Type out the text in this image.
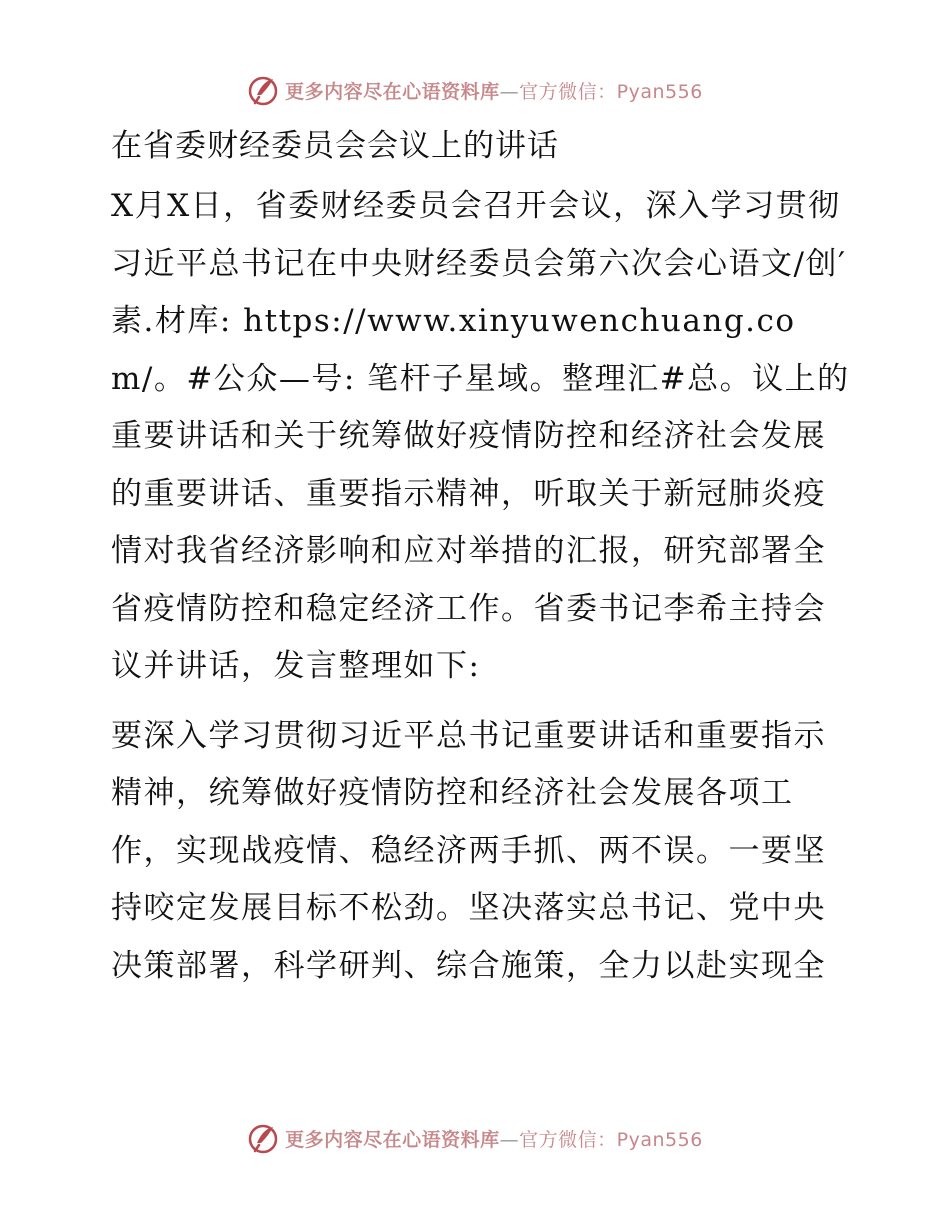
更多内容尽在心语资料库—官方微信：Pyan556
在省委财经委员会会议上的讲话

X月X日，省委财经委员会召开会议，深入学习贯彻习近平总书记在中央财经委员会第六次会心语文/创′素.材库: https://www.xinyuwenchuang.com/。#公众—号: 笔杆子星域。整理汇#总。议上的重要讲话和关于统筹做好疫情防控和经济社会发展的重要讲话、重要指示精神，听取关于新冠肺炎疫情对我省经济影响和应对举措的汇报，研究部署全省疫情防控和稳定经济工作。省委书记李希主持会议并讲话，发言整理如下:

要深入学习贯彻习近平总书记重要讲话和重要指示精神，统筹做好疫情防控和经济社会发展各项工作，实现战疫情、稳经济两手抓、两不误。一要坚持咬定发展目标不松劲。坚决落实总书记、党中央决策部署，科学研判、综合施策，全力以赴实现全

更多内容尽在心语资料库—官方微信：Pyan556
